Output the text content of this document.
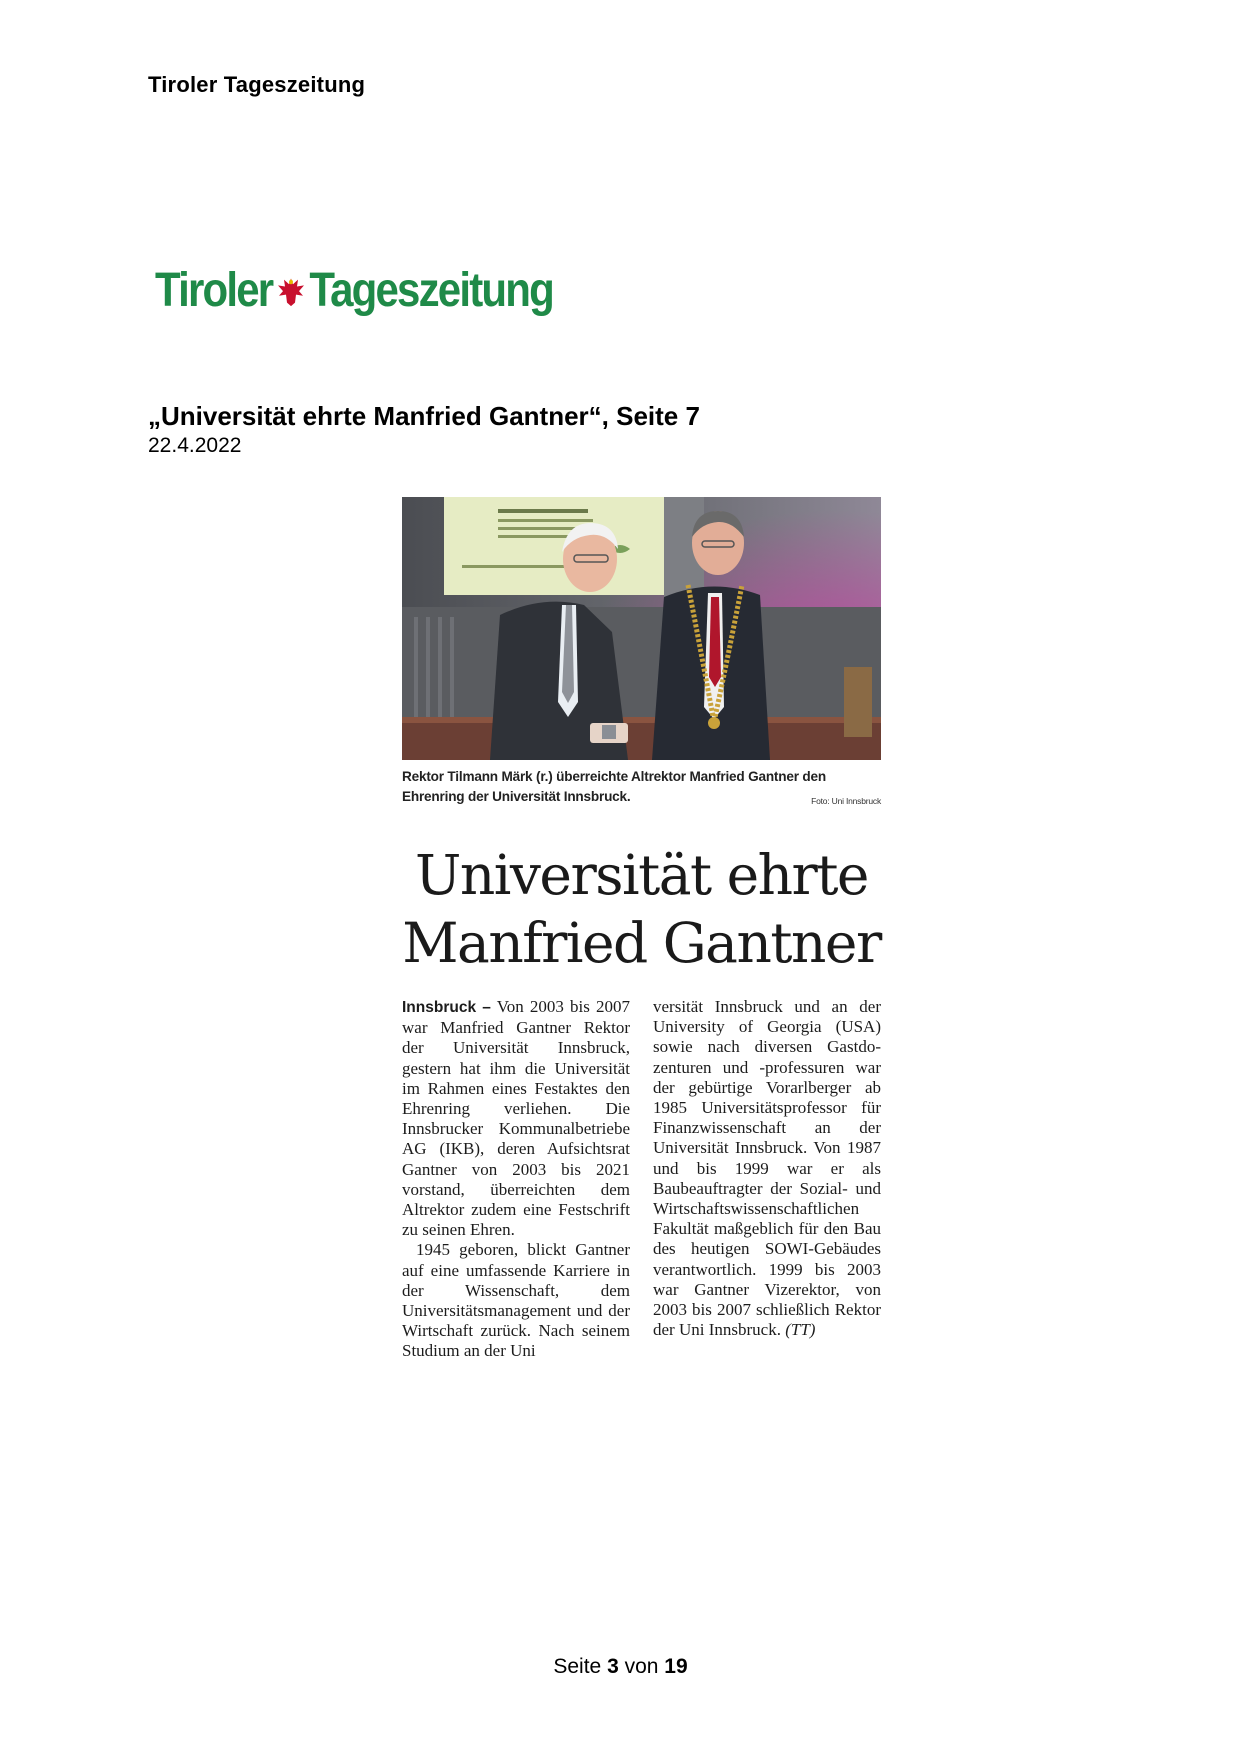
Tiroler Tageszeitung
Tiroler Tageszeitung
„Universität ehrte Manfried Gantner“, Seite 7
22.4.2022
Rektor Tilmann Märk (r.) überreichte Altrektor Manfried Gantner den Ehrenring der Universität Innsbruck.	Foto: Uni Innsbruck
Universität ehrte
Manfried Gantner

Innsbruck – Von 2003 bis 2007 war Manfried Gantner Rektor der Universität Innsbruck, gestern hat ihm die Universität im Rahmen eines Festaktes den Ehrenring verliehen. Die Innsbrucker Kommunalbetriebe AG (IKB), deren Aufsichtsrat Gantner von 2003 bis 2021 vorstand, überreichten dem Altrektor zudem eine Festschrift zu seinen Ehren.

1945 geboren, blickt Gantner auf eine umfassende Karriere in der Wissenschaft, dem Universitätsmanagement und der Wirtschaft zurück. Nach seinem Studium an der Uni

versität Innsbruck und an der University of Georgia (USA) sowie nach diversen Gastdozenturen und -professuren war der gebürtige Vorarlberger ab 1985 Universitätsprofessor für Finanzwissenschaft an der Universität Innsbruck. Von 1987 und bis 1999 war er als Baubeauftragter der Sozial- und Wirtschaftswissenschaftlichen Fakultät maßgeblich für den Bau des heutigen SOWI-Gebäudes verantwortlich. 1999 bis 2003 war Gantner Vizerektor, von 2003 bis 2007 schließlich Rektor der Uni Innsbruck. (TT)

Seite 3 von 19
